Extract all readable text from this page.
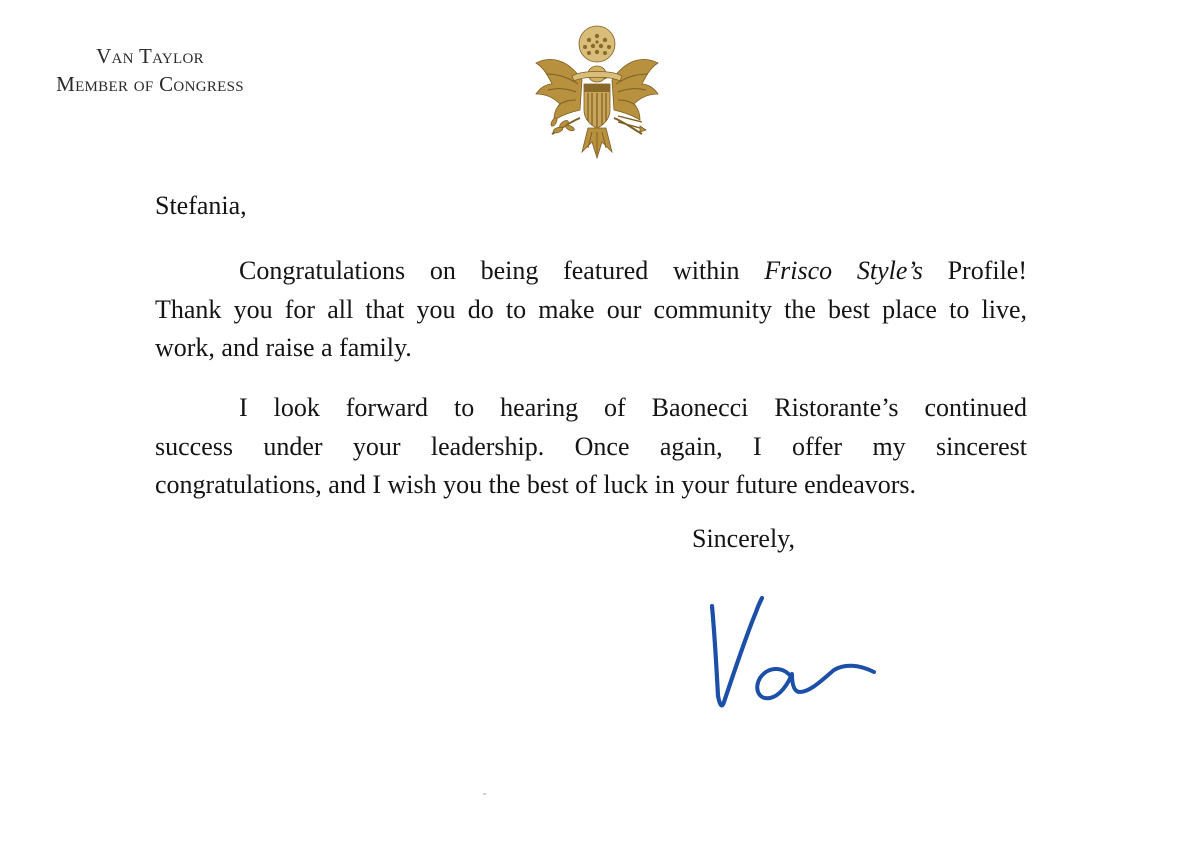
Van Taylor
Member of Congress
Stefania,
Congratulations on being featured within Frisco Style’s Profile!
Thank you for all that you do to make our community the best place to live,
work, and raise a family.
I look forward to hearing of Baonecci Ristorante’s continued
success under your leadership. Once again, I offer my sincerest
congratulations, and I wish you the best of luck in your future endeavors.
Sincerely,
